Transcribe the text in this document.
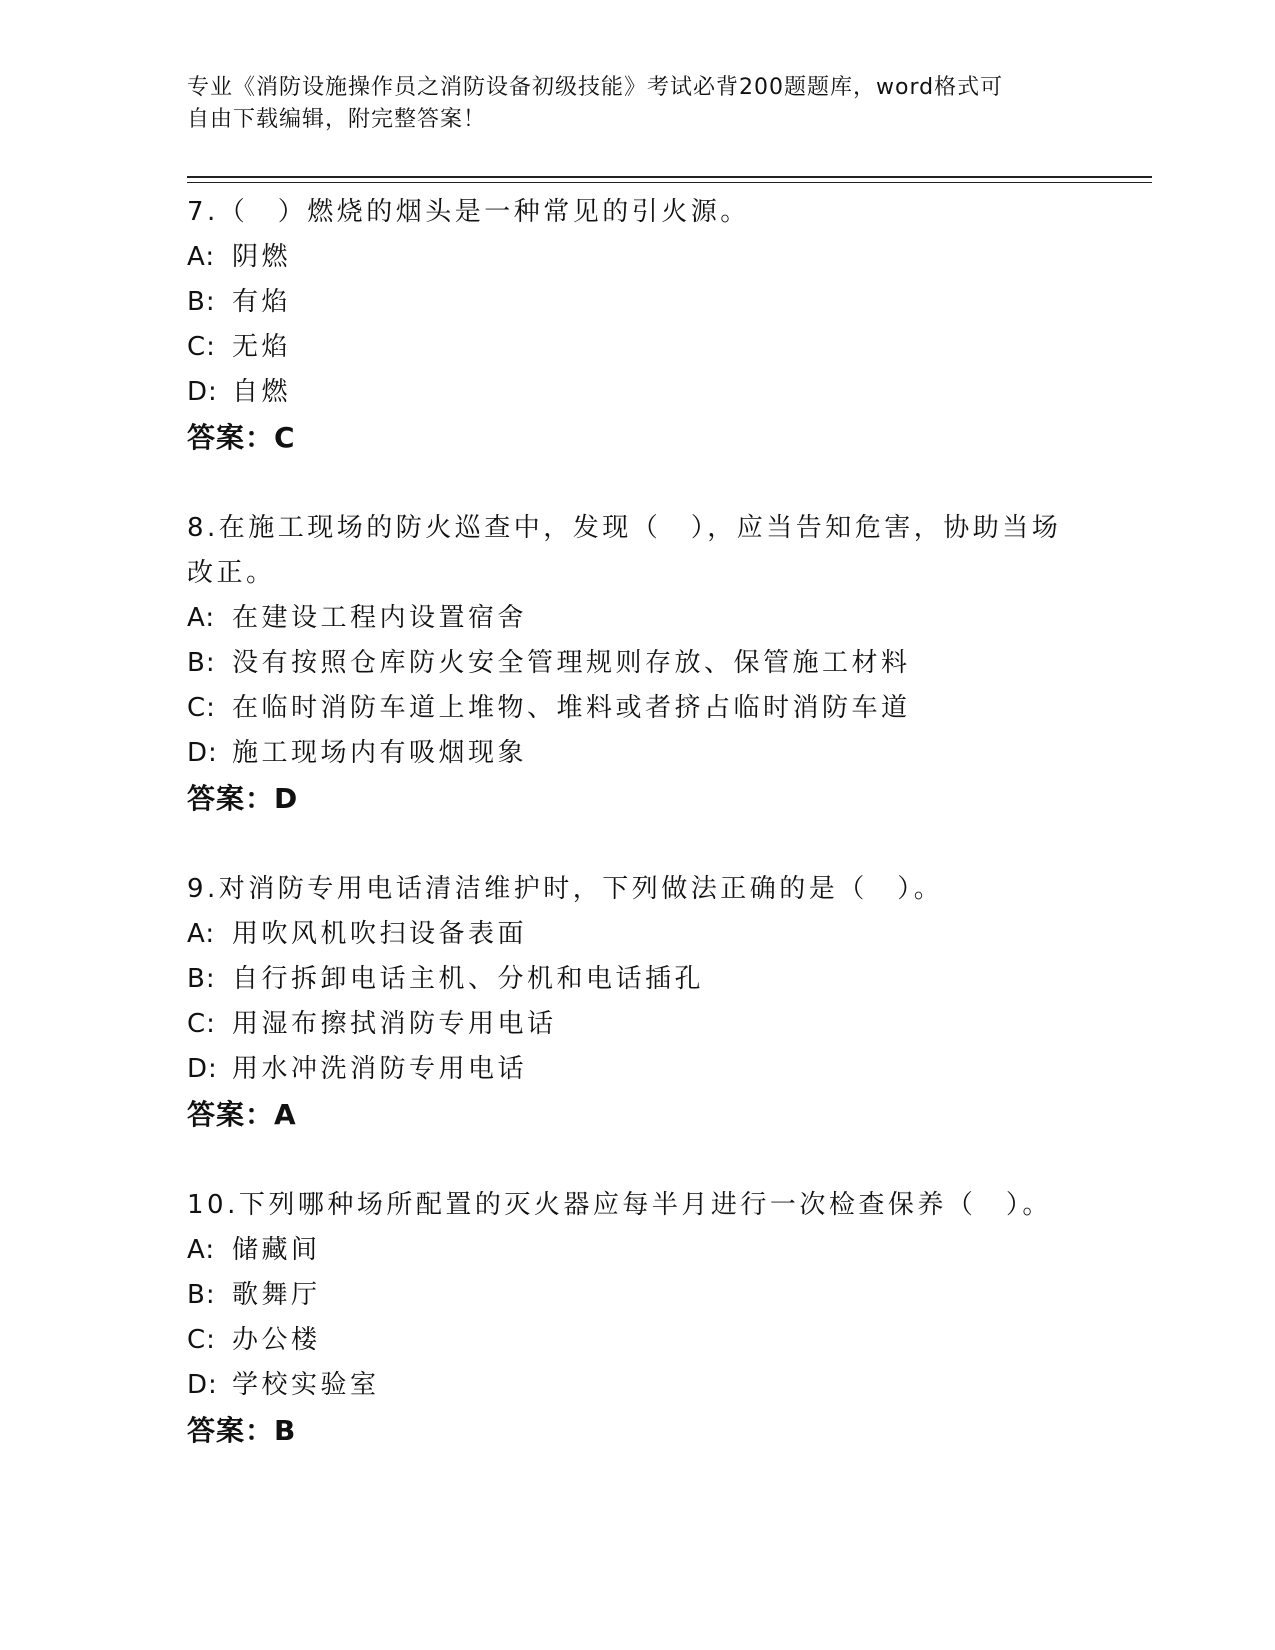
专业《消防设施操作员之消防设备初级技能》考试必背200题题库，word格式可
自由下载编辑，附完整答案！

7.（　）燃烧的烟头是一种常见的引火源。

A: 阴燃

B: 有焰

C: 无焰

D: 自燃

答案：C

8.在施工现场的防火巡查中，发现（　），应当告知危害，协助当场改正。

A: 在建设工程内设置宿舍

B: 没有按照仓库防火安全管理规则存放、保管施工材料

C: 在临时消防车道上堆物、堆料或者挤占临时消防车道

D: 施工现场内有吸烟现象

答案：D

9.对消防专用电话清洁维护时，下列做法正确的是（　）。

A: 用吹风机吹扫设备表面

B: 自行拆卸电话主机、分机和电话插孔

C: 用湿布擦拭消防专用电话

D: 用水冲洗消防专用电话

答案：A

10.下列哪种场所配置的灭火器应每半月进行一次检查保养（　）。

A: 储藏间

B: 歌舞厅

C: 办公楼

D: 学校实验室

答案：B
